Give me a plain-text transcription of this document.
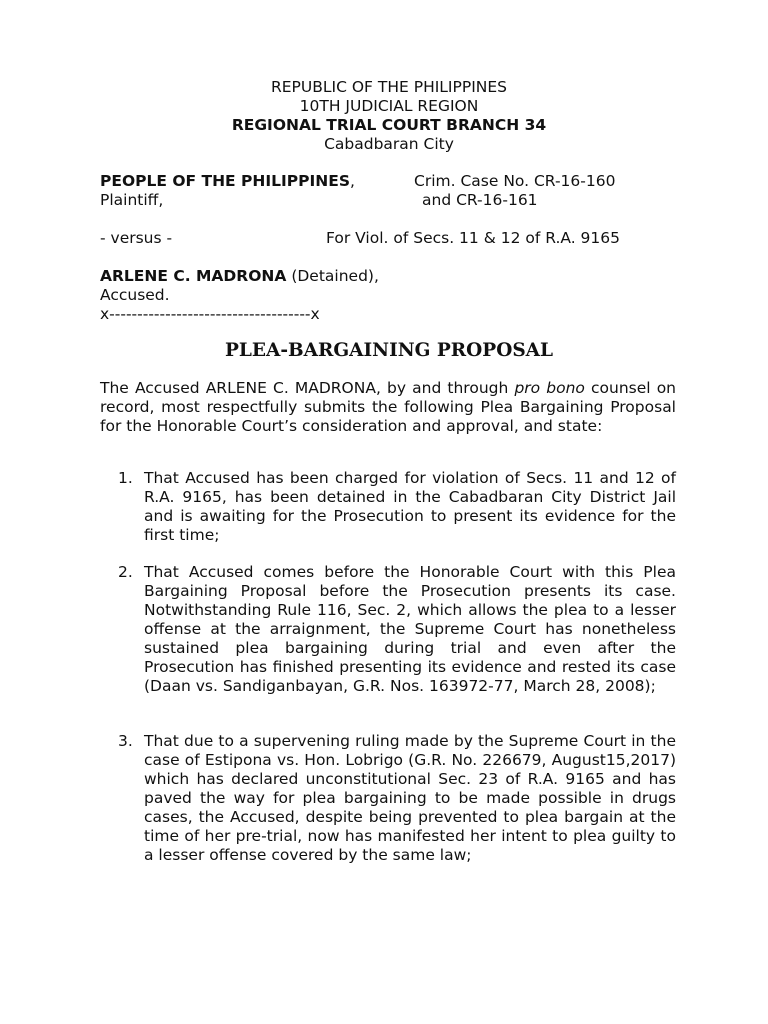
REPUBLIC OF THE PHILIPPINES
10TH JUDICIAL REGION
REGIONAL TRIAL COURT BRANCH 34
Cabadbaran City
PEOPLE OF THE PHILIPPINES,	Crim. Case No. CR-16-160
Plaintiff,	and CR-16-161
- versus -	For Viol. of Secs. 11 & 12 of R.A. 9165
ARLENE C. MADRONA (Detained),
Accused.
x------------------------------------x
PLEA-BARGAINING PROPOSAL
The Accused ARLENE C. MADRONA, by and through pro bono counsel on record, most respectfully submits the following Plea Bargaining Proposal for the Honorable Court’s consideration and approval, and state:
1. That Accused has been charged for violation of Secs. 11 and 12 of R.A. 9165, has been detained in the Cabadbaran City District Jail and is awaiting for the Prosecution to present its evidence for the first time;
2. That Accused comes before the Honorable Court with this Plea Bargaining Proposal before the Prosecution presents its case. Notwithstanding Rule 116, Sec. 2, which allows the plea to a lesser offense at the arraignment, the Supreme Court has nonetheless sustained plea bargaining during trial and even after the Prosecution has finished presenting its evidence and rested its case (Daan vs. Sandiganbayan, G.R. Nos. 163972-77, March 28, 2008);
3. That due to a supervening ruling made by the Supreme Court in the case of Estipona vs. Hon. Lobrigo (G.R. No. 226679, August15,2017) which has declared unconstitutional Sec. 23 of R.A. 9165 and has paved the way for plea bargaining to be made possible in drugs cases, the Accused, despite being prevented to plea bargain at the time of her pre-trial, now has manifested her intent to plea guilty to a lesser offense covered by the same law;
